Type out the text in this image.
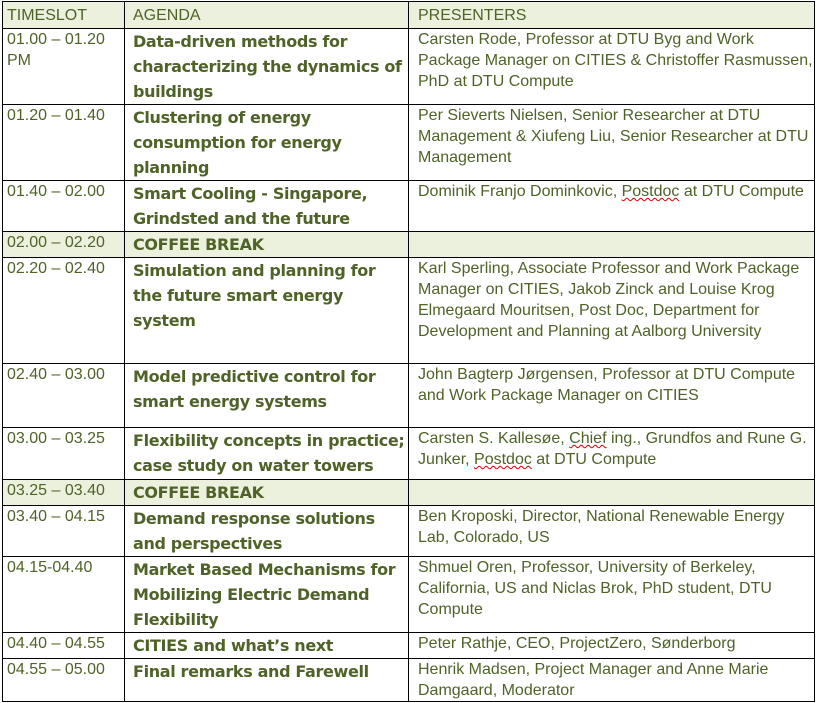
TIMESLOT	AGENDA	PRESENTERS
01.00 – 01.20 PM	Data-driven methods for characterizing the dynamics of buildings	Carsten Rode, Professor at DTU Byg and Work Package Manager on CITIES & Christoffer Rasmussen, PhD at DTU Compute
01.20 – 01.40	Clustering of energy consumption for energy planning	Per Sieverts Nielsen, Senior Researcher at DTU Management & Xiufeng Liu, Senior Researcher at DTU Management
01.40 – 02.00	Smart Cooling - Singapore, Grindsted and the future	Dominik Franjo Dominkovic, Postdoc at DTU Compute
02.00 – 02.20	COFFEE BREAK	
02.20 – 02.40	Simulation and planning for the future smart energy system	Karl Sperling, Associate Professor and Work Package Manager on CITIES, Jakob Zinck and Louise Krog Elmegaard Mouritsen, Post Doc, Department for Development and Planning at Aalborg University
02.40 – 03.00	Model predictive control for smart energy systems	John Bagterp Jørgensen, Professor at DTU Compute and Work Package Manager on CITIES
03.00 – 03.25	Flexibility concepts in practice; case study on water towers	Carsten S. Kallesøe, Chief ing., Grundfos and Rune G. Junker, Postdoc at DTU Compute
03.25 – 03.40	COFFEE BREAK	
03.40 – 04.15	Demand response solutions and perspectives	Ben Kroposki, Director, National Renewable Energy Lab, Colorado, US
04.15-04.40	Market Based Mechanisms for Mobilizing Electric Demand Flexibility	Shmuel Oren, Professor, University of Berkeley, California, US and Niclas Brok, PhD student, DTU Compute
04.40 – 04.55	CITIES and what’s next	Peter Rathje, CEO, ProjectZero, Sønderborg
04.55 – 05.00	Final remarks and Farewell	Henrik Madsen, Project Manager and Anne Marie Damgaard, Moderator
